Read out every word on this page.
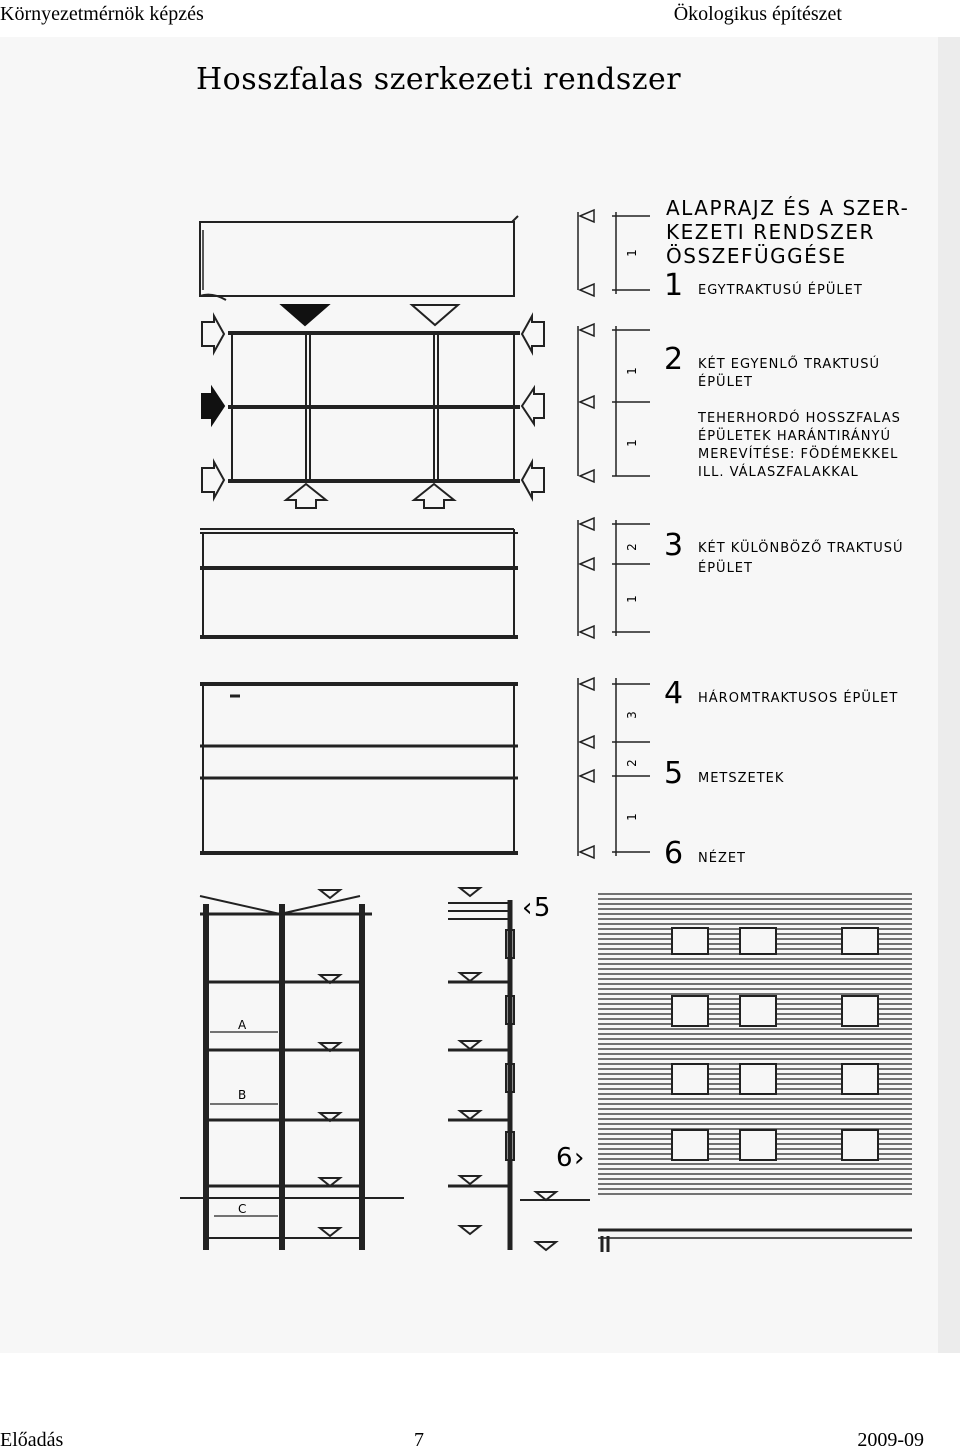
Környezetmérnök képzés	Ökologikus építészet
Hosszfalas szerkezeti rendszer
ALAPRAJZ ÉS A SZER-
KEZETI RENDSZER
ÖSSZEFÜGGÉSE
1 EGYTRAKTUSÚ ÉPÜLET
2 KÉT EGYENLŐ TRAKTUSÚ
ÉPÜLET
TEHERHORDÓ HOSSZFALAS
ÉPÜLETEK HARÁNTIRÁNYÚ
MEREVÍTÉSE: FÖDÉMEKKEL
ILL. VÁLASZFALAKKAL
3 KÉT KÜLÖNBÖZŐ TRAKTUSÚ
ÉPÜLET
4 HÁROMTRAKTUSOS ÉPÜLET
5 METSZETEK
6 NÉZET
1
1
1
1
2
1
3
2
A
B
C
‹5
6›
Előadás	7	2009-09
